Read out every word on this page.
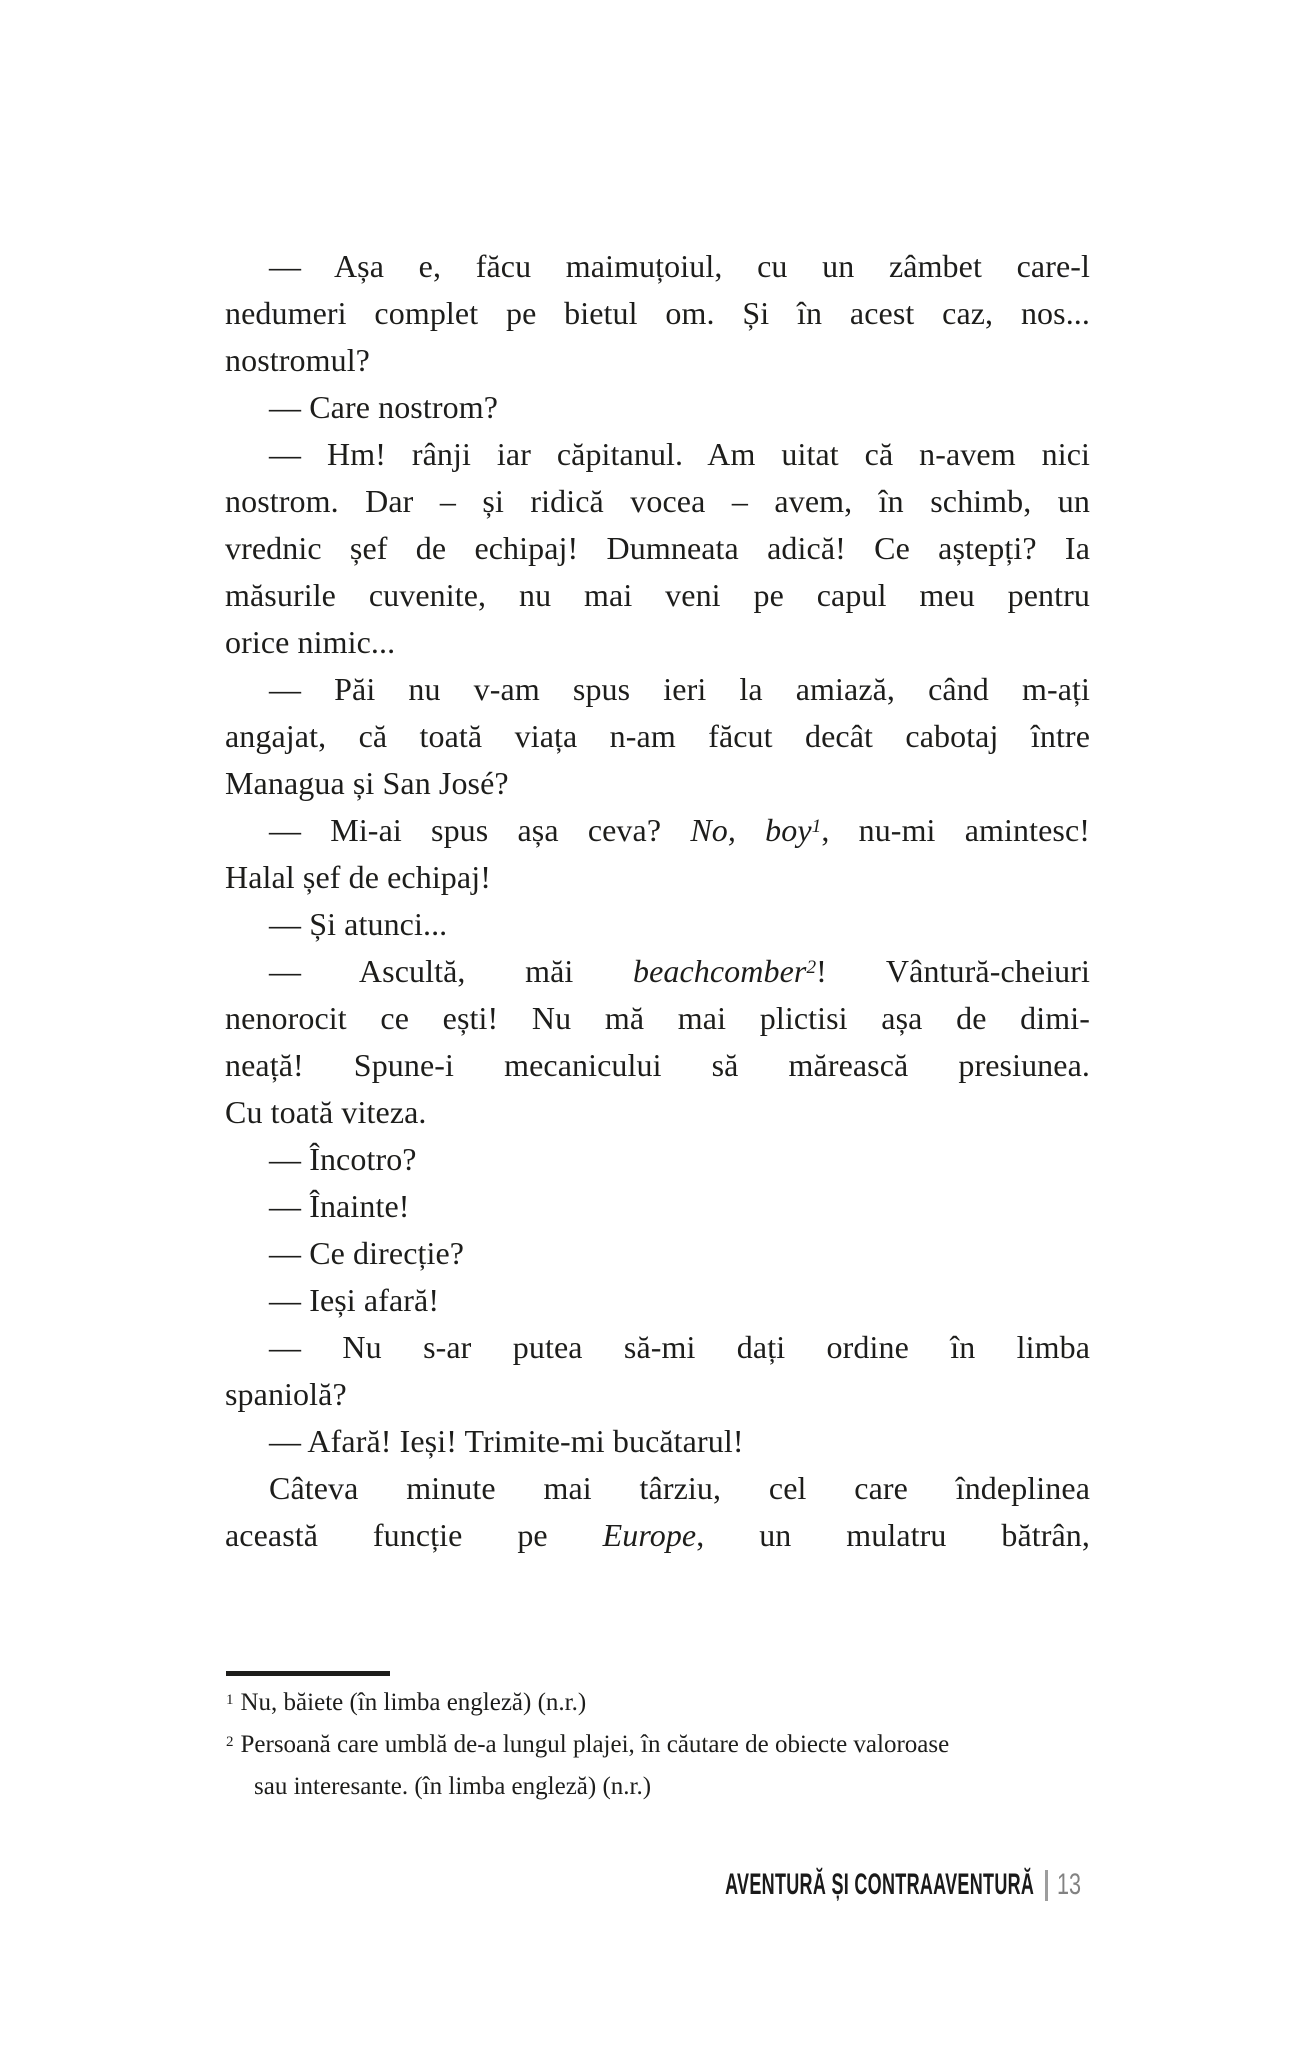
— Așa e, făcu maimuțoiul, cu un zâmbet care-l
nedumeri complet pe bietul om. Și în acest caz, nos...
nostromul?
— Care nostrom?
— Hm! rânji iar căpitanul. Am uitat că n-avem nici
nostrom. Dar – și ridică vocea – avem, în schimb, un
vrednic șef de echipaj! Dumneata adică! Ce aștepți? Ia
măsurile cuvenite, nu mai veni pe capul meu pentru
orice nimic...
— Păi nu v-am spus ieri la amiază, când m-ați
angajat, că toată viața n-am făcut decât cabotaj între
Managua și San José?
— Mi-ai spus așa ceva? No, boy$^1$, nu-mi amintesc!
Halal șef de echipaj!
— Și atunci...
— Ascultă, măi beachcomber$^2$! Vântură-cheiuri
nenorocit ce ești! Nu mă mai plictisi așa de dimi-
neață! Spune-i mecanicului să mărească presiunea.
Cu toată viteza.
— Încotro?
— Înainte!
— Ce direcție?
— Ieși afară!
— Nu s-ar putea să-mi dați ordine în limba
spaniolă?
— Afară! Ieși! Trimite-mi bucătarul!
Câteva minute mai târziu, cel care îndeplinea
această funcție pe Europe, un mulatru bătrân,
$^1$ Nu, băiete (în limba engleză) (n.r.)
$^2$ Persoană care umblă de-a lungul plajei, în căutare de obiecte valoroase
sau interesante. (în limba engleză) (n.r.)
AVENTURĂ ȘI CONTRAAVENTURĂ 13
